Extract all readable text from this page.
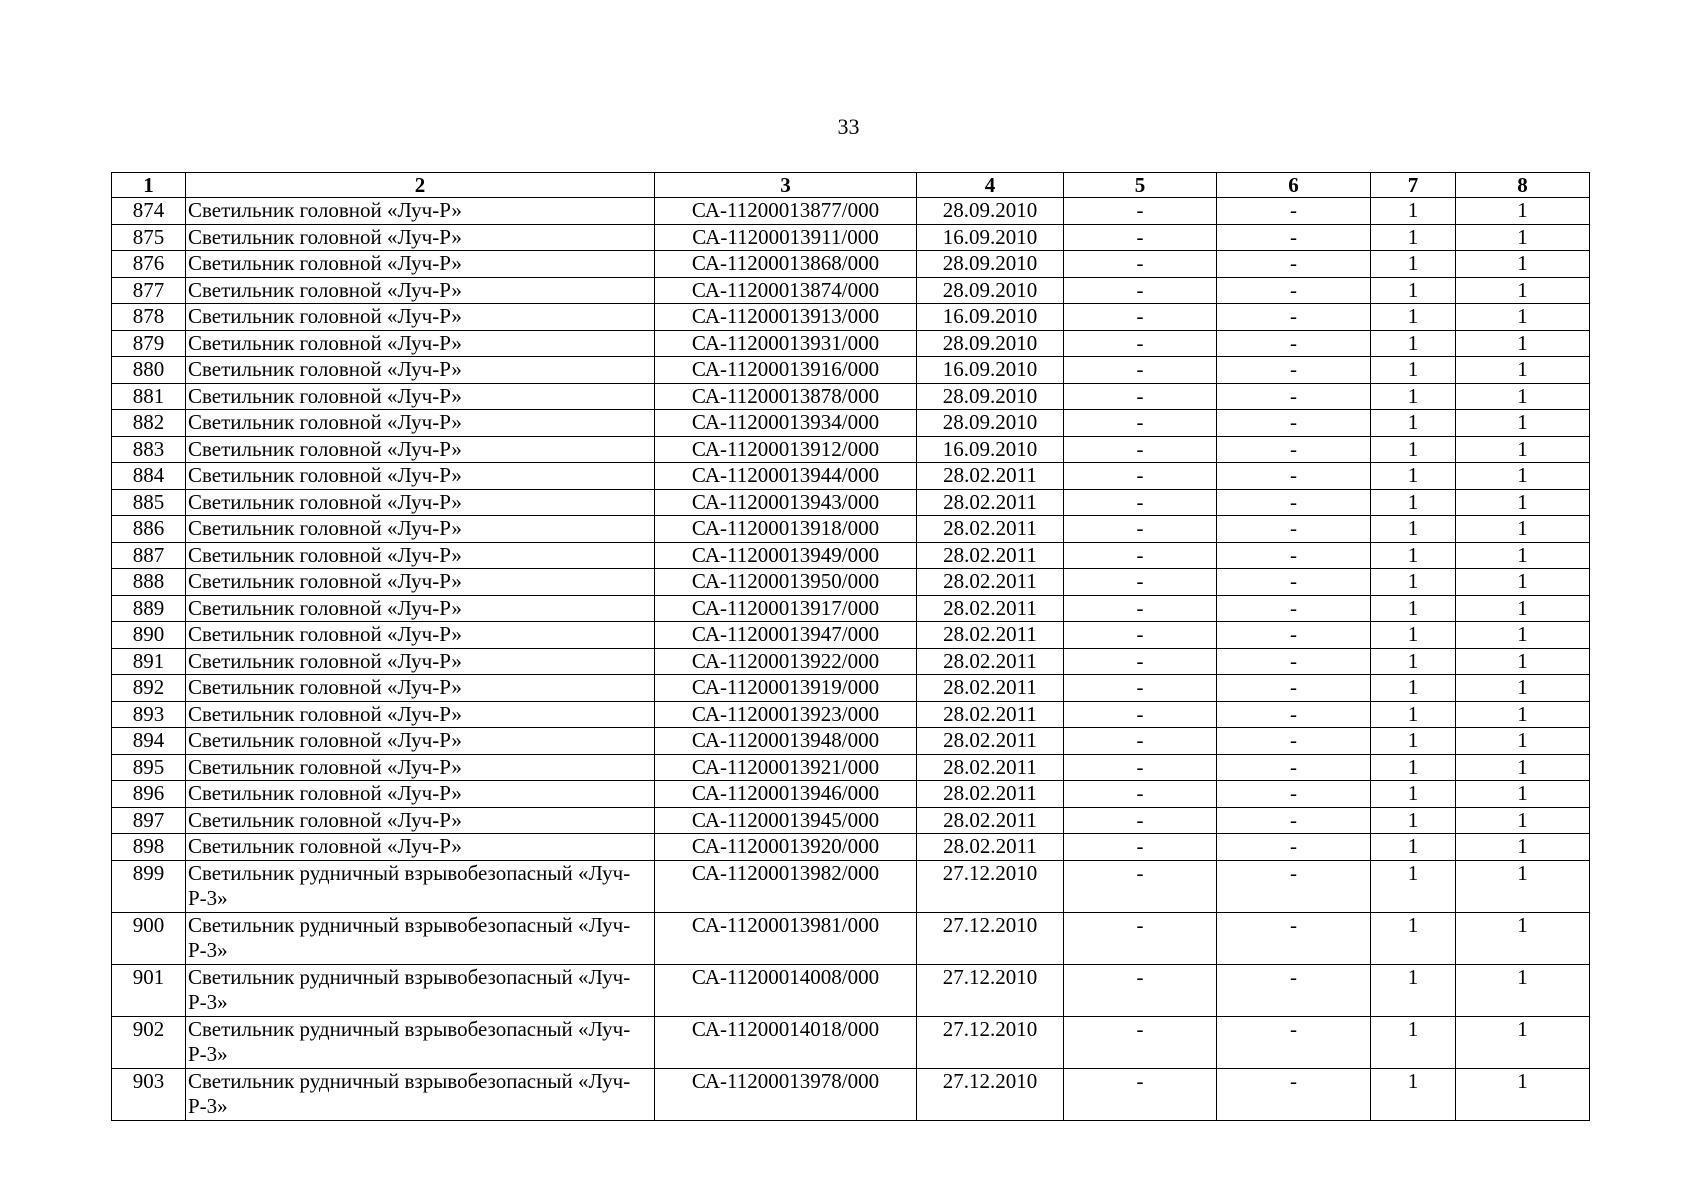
33
1	2	3	4	5	6	7	8
874	Светильник головной «Луч-Р»	СА-11200013877/000	28.09.2010	-	-	1	1
875	Светильник головной «Луч-Р»	СА-11200013911/000	16.09.2010	-	-	1	1
876	Светильник головной «Луч-Р»	СА-11200013868/000	28.09.2010	-	-	1	1
877	Светильник головной «Луч-Р»	СА-11200013874/000	28.09.2010	-	-	1	1
878	Светильник головной «Луч-Р»	СА-11200013913/000	16.09.2010	-	-	1	1
879	Светильник головной «Луч-Р»	СА-11200013931/000	28.09.2010	-	-	1	1
880	Светильник головной «Луч-Р»	СА-11200013916/000	16.09.2010	-	-	1	1
881	Светильник головной «Луч-Р»	СА-11200013878/000	28.09.2010	-	-	1	1
882	Светильник головной «Луч-Р»	СА-11200013934/000	28.09.2010	-	-	1	1
883	Светильник головной «Луч-Р»	СА-11200013912/000	16.09.2010	-	-	1	1
884	Светильник головной «Луч-Р»	СА-11200013944/000	28.02.2011	-	-	1	1
885	Светильник головной «Луч-Р»	СА-11200013943/000	28.02.2011	-	-	1	1
886	Светильник головной «Луч-Р»	СА-11200013918/000	28.02.2011	-	-	1	1
887	Светильник головной «Луч-Р»	СА-11200013949/000	28.02.2011	-	-	1	1
888	Светильник головной «Луч-Р»	СА-11200013950/000	28.02.2011	-	-	1	1
889	Светильник головной «Луч-Р»	СА-11200013917/000	28.02.2011	-	-	1	1
890	Светильник головной «Луч-Р»	СА-11200013947/000	28.02.2011	-	-	1	1
891	Светильник головной «Луч-Р»	СА-11200013922/000	28.02.2011	-	-	1	1
892	Светильник головной «Луч-Р»	СА-11200013919/000	28.02.2011	-	-	1	1
893	Светильник головной «Луч-Р»	СА-11200013923/000	28.02.2011	-	-	1	1
894	Светильник головной «Луч-Р»	СА-11200013948/000	28.02.2011	-	-	1	1
895	Светильник головной «Луч-Р»	СА-11200013921/000	28.02.2011	-	-	1	1
896	Светильник головной «Луч-Р»	СА-11200013946/000	28.02.2011	-	-	1	1
897	Светильник головной «Луч-Р»	СА-11200013945/000	28.02.2011	-	-	1	1
898	Светильник головной «Луч-Р»	СА-11200013920/000	28.02.2011	-	-	1	1
899	Светильник рудничный взрывобезопасный «Луч-Р-3»	СА-11200013982/000	27.12.2010	-	-	1	1
900	Светильник рудничный взрывобезопасный «Луч-Р-3»	СА-11200013981/000	27.12.2010	-	-	1	1
901	Светильник рудничный взрывобезопасный «Луч-Р-3»	СА-11200014008/000	27.12.2010	-	-	1	1
902	Светильник рудничный взрывобезопасный «Луч-Р-3»	СА-11200014018/000	27.12.2010	-	-	1	1
903	Светильник рудничный взрывобезопасный «Луч-Р-3»	СА-11200013978/000	27.12.2010	-	-	1	1
